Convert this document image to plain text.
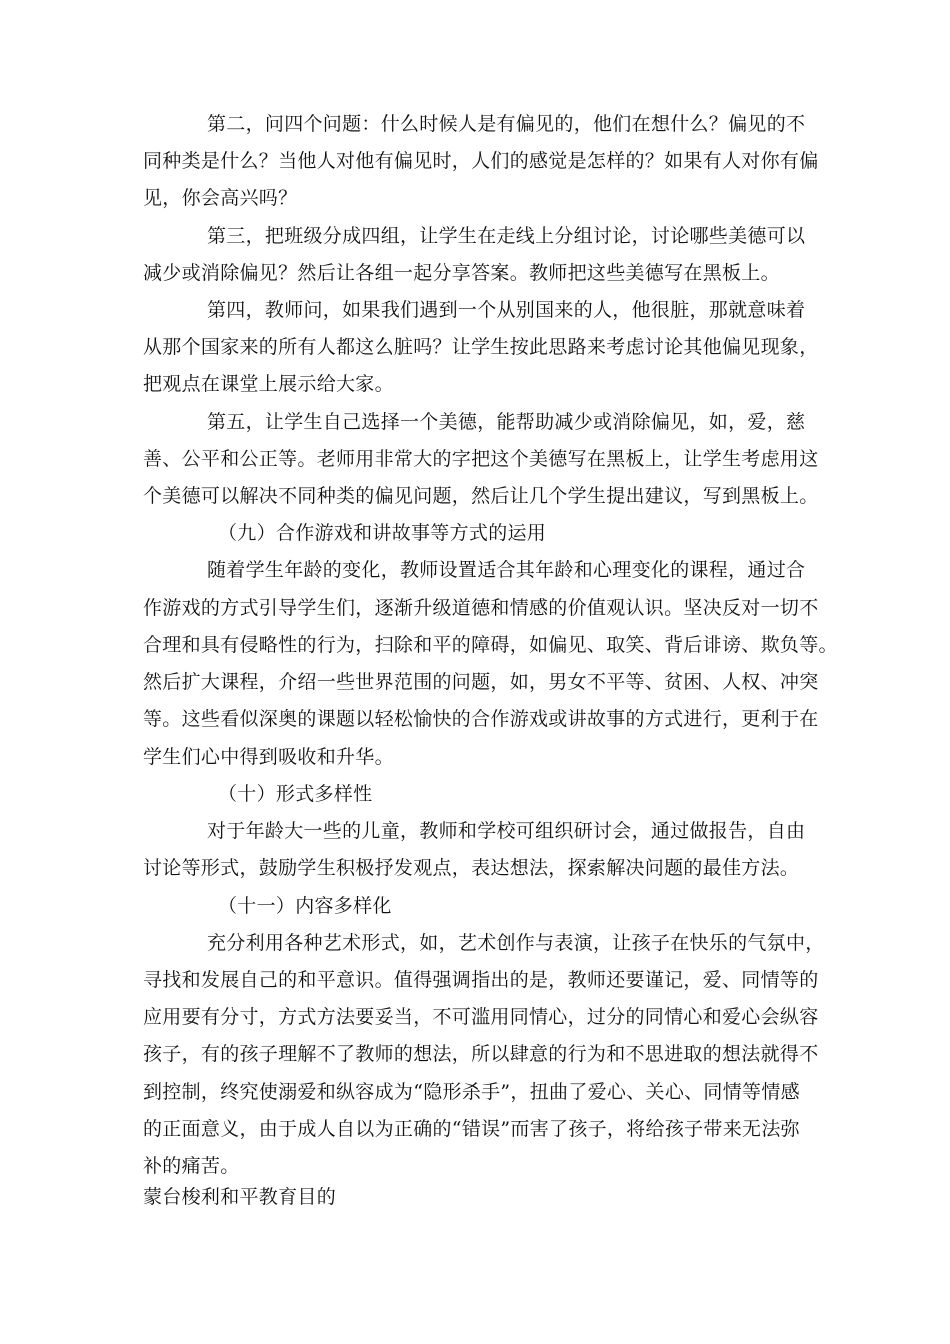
第二，问四个问题：什么时候人是有偏见的，他们在想什么？偏见的不
同种类是什么？当他人对他有偏见时，人们的感觉是怎样的？如果有人对你有偏
见，你会高兴吗？
第三，把班级分成四组，让学生在走线上分组讨论，讨论哪些美德可以
减少或消除偏见？然后让各组一起分享答案。教师把这些美德写在黑板上。
第四，教师问，如果我们遇到一个从别国来的人，他很脏，那就意味着
从那个国家来的所有人都这么脏吗？让学生按此思路来考虑讨论其他偏见现象，
把观点在课堂上展示给大家。
第五，让学生自己选择一个美德，能帮助减少或消除偏见，如，爱，慈
善、公平和公正等。老师用非常大的字把这个美德写在黑板上，让学生考虑用这
个美德可以解决不同种类的偏见问题，然后让几个学生提出建议，写到黑板上。
（九）合作游戏和讲故事等方式的运用
随着学生年龄的变化，教师设置适合其年龄和心理变化的课程，通过合
作游戏的方式引导学生们，逐渐升级道德和情感的价值观认识。坚决反对一切不
合理和具有侵略性的行为，扫除和平的障碍，如偏见、取笑、背后诽谤、欺负等。
然后扩大课程，介绍一些世界范围的问题，如，男女不平等、贫困、人权、冲突
等。这些看似深奥的课题以轻松愉快的合作游戏或讲故事的方式进行，更利于在
学生们心中得到吸收和升华。
（十）形式多样性
对于年龄大一些的儿童，教师和学校可组织研讨会，通过做报告，自由
讨论等形式，鼓励学生积极抒发观点，表达想法，探索解决问题的最佳方法。
（十一）内容多样化
充分利用各种艺术形式，如，艺术创作与表演，让孩子在快乐的气氛中，
寻找和发展自己的和平意识。值得强调指出的是，教师还要谨记，爱、同情等的
应用要有分寸，方式方法要妥当，不可滥用同情心，过分的同情心和爱心会纵容
孩子，有的孩子理解不了教师的想法，所以肆意的行为和不思进取的想法就得不
到控制，终究使溺爱和纵容成为“隐形杀手”，扭曲了爱心、关心、同情等情感
的正面意义，由于成人自以为正确的“错误”而害了孩子，将给孩子带来无法弥
补的痛苦。
蒙台梭利和平教育目的
